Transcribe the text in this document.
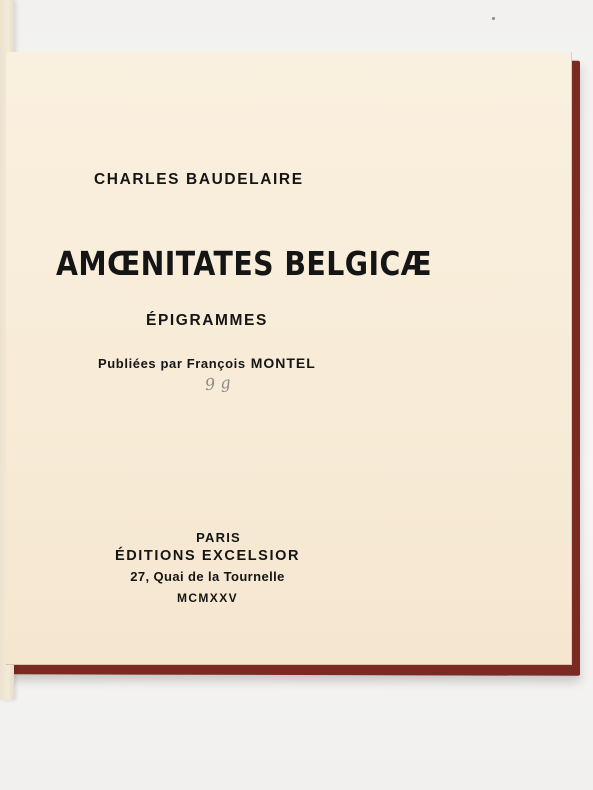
CHARLES BAUDELAIRE
AMŒNITATES BELGICÆ
ÉPIGRAMMES
Publiées par François MONTEL
9 g
PARIS
ÉDITIONS EXCELSIOR
27, Quai de la Tournelle
MCMXXV
